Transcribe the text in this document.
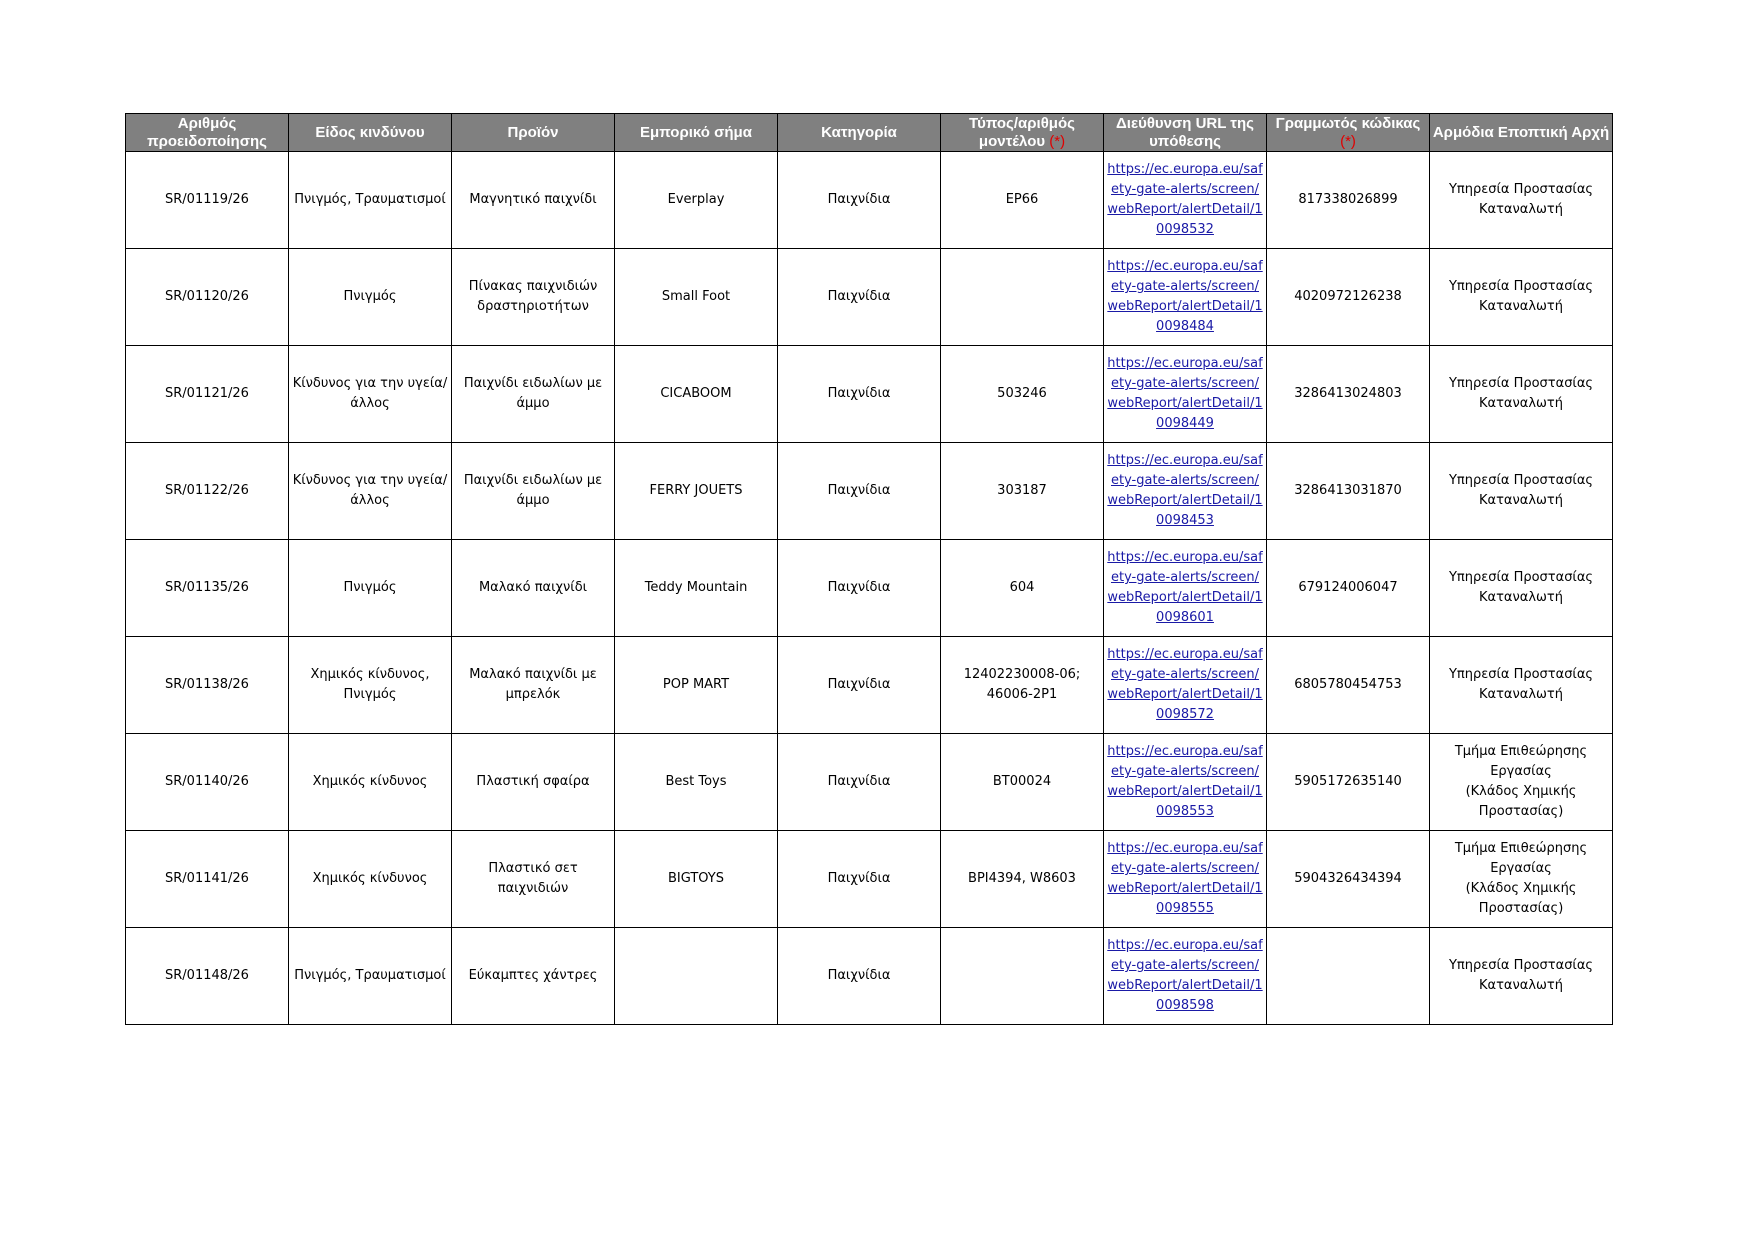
Αριθμός προειδοποίησης	Είδος κινδύνου	Προϊόν	Εμπορικό σήμα	Κατηγορία	Τύπος/αριθμός μοντέλου (*)	Διεύθυνση URL της υπόθεσης	Γραμμωτός κώδικας (*)	Αρμόδια Εποπτική Αρχή
SR/01119/26	Πνιγμός, Τραυματισμοί	Μαγνητικό παιχνίδι	Everplay	Παιχνίδια	EP66	https://ec.europa.eu/safety-gate-alerts/screen/webReport/alertDetail/10098532	817338026899	Υπηρεσία Προστασίας Καταναλωτή
SR/01120/26	Πνιγμός	Πίνακας παιχνιδιών δραστηριοτήτων	Small Foot	Παιχνίδια		https://ec.europa.eu/safety-gate-alerts/screen/webReport/alertDetail/10098484	4020972126238	Υπηρεσία Προστασίας Καταναλωτή
SR/01121/26	Κίνδυνος για την υγεία/άλλος	Παιχνίδι ειδωλίων με άμμο	CICABOOM	Παιχνίδια	503246	https://ec.europa.eu/safety-gate-alerts/screen/webReport/alertDetail/10098449	3286413024803	Υπηρεσία Προστασίας Καταναλωτή
SR/01122/26	Κίνδυνος για την υγεία/άλλος	Παιχνίδι ειδωλίων με άμμο	FERRY JOUETS	Παιχνίδια	303187	https://ec.europa.eu/safety-gate-alerts/screen/webReport/alertDetail/10098453	3286413031870	Υπηρεσία Προστασίας Καταναλωτή
SR/01135/26	Πνιγμός	Μαλακό παιχνίδι	Teddy Mountain	Παιχνίδια	604	https://ec.europa.eu/safety-gate-alerts/screen/webReport/alertDetail/10098601	679124006047	Υπηρεσία Προστασίας Καταναλωτή
SR/01138/26	Χημικός κίνδυνος, Πνιγμός	Μαλακό παιχνίδι με μπρελόκ	POP MART	Παιχνίδια	12402230008-06; 46006-2P1	https://ec.europa.eu/safety-gate-alerts/screen/webReport/alertDetail/10098572	6805780454753	Υπηρεσία Προστασίας Καταναλωτή
SR/01140/26	Χημικός κίνδυνος	Πλαστική σφαίρα	Best Toys	Παιχνίδια	BT00024	https://ec.europa.eu/safety-gate-alerts/screen/webReport/alertDetail/10098553	5905172635140	Τμήμα Επιθεώρησης Εργασίας
(Κλάδος Χημικής Προστασίας)
SR/01141/26	Χημικός κίνδυνος	Πλαστικό σετ παιχνιδιών	BIGTOYS	Παιχνίδια	BPI4394, W8603	https://ec.europa.eu/safety-gate-alerts/screen/webReport/alertDetail/10098555	5904326434394	Τμήμα Επιθεώρησης Εργασίας
(Κλάδος Χημικής Προστασίας)
SR/01148/26	Πνιγμός, Τραυματισμοί	Εύκαμπτες χάντρες		Παιχνίδια		https://ec.europa.eu/safety-gate-alerts/screen/webReport/alertDetail/10098598		Υπηρεσία Προστασίας Καταναλωτή
